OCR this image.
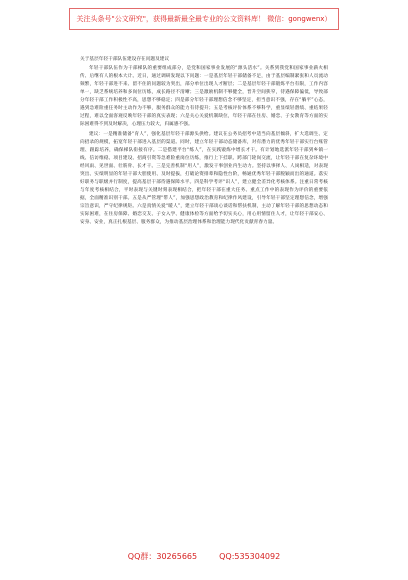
关注头条号"公文研究"，获得最新最全最专业的公文资料库！ 微信：gongwenx）

关于基层年轻干部队伍建设存在问题及建议

年轻干部队伍作为干部梯队的重要组成部分，是党和国家事业发展的“源头活水”。关系到我党和国家事业薪火相传、后继有人的根本大计。近日，通过调研发现以下问题：一是基层年轻干部储备不足，由于基层编制紧张和人员流动频繁，年轻干部进不来、留不住的问题较为突出，部分单位出现人才断层；二是基层年轻干部锻炼平台有限，工作内容单一，缺乏系统培养和多岗位历练，成长路径不清晰；三是激励机制不够健全，晋升空间狭窄，待遇保障偏低，导致部分年轻干部工作积极性不高，思想不够稳定；四是部分年轻干部理想信念不够坚定，担当意识不强，存在“躺平”心态，遇到急难险重任务时主动作为不够，服务群众的能力有待提升；五是考核评价体系不够科学，重显绩轻潜绩、重结果轻过程，难以全面客观反映年轻干部的真实表现；六是关心关爱机制缺位，年轻干部在住房、婚恋、子女教育等方面的实际困难得不到及时解决，心理压力较大，归属感不强。

建议：一是精准储备“育人”，强化基层年轻干部源头供给。建议在公务员招考中适当向基层倾斜，扩大选调生、定向招录的规模，拓宽年轻干部进入基层的渠道。同时，建立年轻干部动态储备库，对有潜力的优秀年轻干部实行台账管理、跟踪培养，确保梯队衔接有序。二是搭建平台“练人”，在实践锻炼中增长才干。有计划地选派年轻干部到乡镇一线、信访维稳、项目建设、招商引资等急难险重岗位历练，推行上下挂职、跨部门轮岗交流，让年轻干部在复杂环境中经风雨、见世面、壮筋骨、长才干。三是完善机制“用人”，激发干事创业内生动力。坚持以事择人、人岗相适，对表现突出、实绩明显的年轻干部大胆使用、及时提拔，打破论资排辈和隐性台阶，畅通优秀年轻干部脱颖而出的通道。落实好职务与职级并行制度，提高基层干部待遇保障水平。四是科学考评“识人”，建立健全差异化考核体系。注重日常考核与年度考核相结合，平时表现与关键时刻表现相结合，把年轻干部在重大任务、重点工作中的表现作为评价的重要依据，全面精准识别干部。五是从严管理“带人”，加强思想政治教育和纪律作风建设，引导年轻干部坚定理想信念，增强宗旨意识，严守纪律规矩。六是真情关爱“暖人”，建立年轻干部谈心谈话和帮扶机制，主动了解年轻干部的思想动态和实际困难，在住房保障、婚恋交友、子女入学、健康体检等方面给予切实关心，用心用情留住人才，让年轻干部安心、安身、安业，真正扎根基层、服务群众，为推动基层治理体系和治理能力现代化贡献青春力量。

QQ群：30265665	QQ:535304092
